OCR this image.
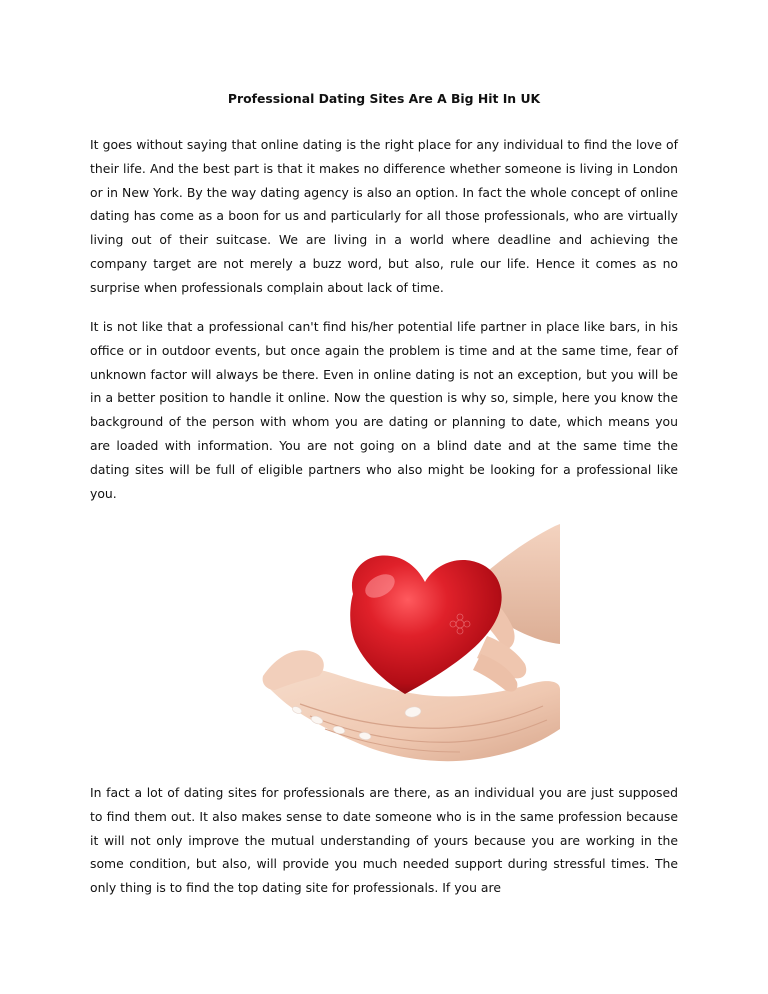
Professional Dating Sites Are A Big Hit In UK

It goes without saying that online dating is the right place for any individual to find the love of their life. And the best part is that it makes no difference whether someone is living in London or in New York. By the way dating agency is also an option. In fact the whole concept of online dating has come as a boon for us and particularly for all those professionals, who are virtually living out of their suitcase. We are living in a world where deadline and achieving the company target are not merely a buzz word, but also, rule our life. Hence it comes as no surprise when professionals complain about lack of time.

It is not like that a professional can't find his/her potential life partner in place like bars, in his office or in outdoor events, but once again the problem is time and at the same time, fear of unknown factor will always be there. Even in online dating is not an exception, but you will be in a better position to handle it online. Now the question is why so, simple, here you know the background of the person with whom you are dating or planning to date, which means you are loaded with information. You are not going on a blind date and at the same time the dating sites will be full of eligible partners who also might be looking for a professional like you.

In fact a lot of dating sites for professionals are there, as an individual you are just supposed to find them out. It also makes sense to date someone who is in the same profession because it will not only improve the mutual understanding of yours because you are working in the some condition, but also, will provide you much needed support during stressful times. The only thing is to find the top dating site for professionals. If you are
